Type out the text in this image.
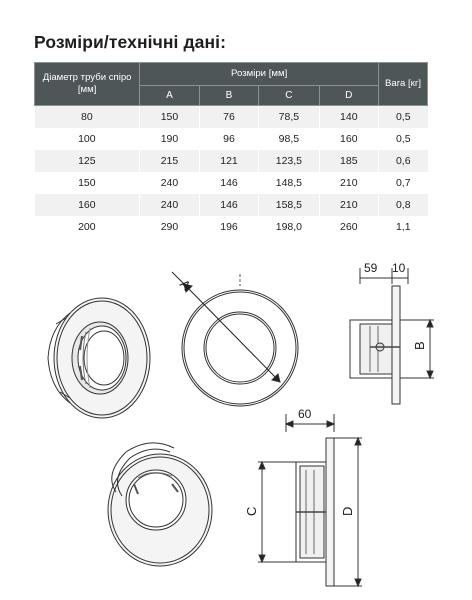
Розміри/технічні дані:
Діаметр труби спіро [мм]	Розміри [мм]				Вага [кг]
	A	B	C	D	
80	150	76	78,5	140	0,5
100	190	96	98,5	160	0,5
125	215	121	123,5	185	0,6
150	240	146	148,5	210	0,7
160	240	146	158,5	210	0,8
200	290	196	198,0	260	1,1
A
59 10
B
60
C	D
